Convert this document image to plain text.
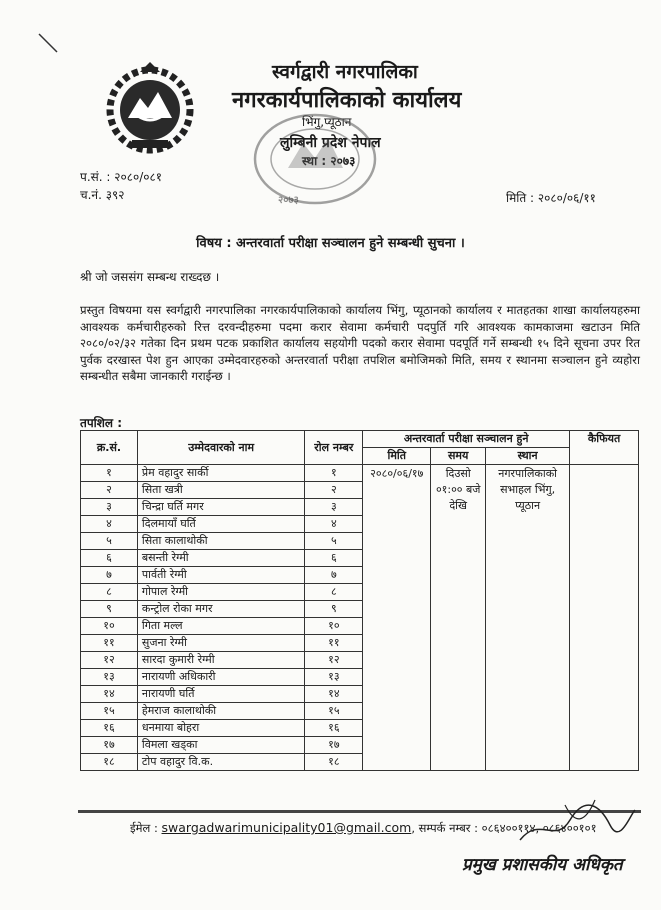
स्वर्गद्वारी नगरपालिका
नगरकार्यपालिकाको कार्यालय
भिंगु,प्यूठान
लुम्बिनी प्रदेश नेपाल
स्था : २०७३
२०७३
प.सं. : २०८०/०८१
च.नं. ३९२	मिति : २०८०/०६/११
विषय : अन्तरवार्ता परीक्षा सञ्चालन हुने सम्बन्धी सुचना ।
श्री जो जससंग सम्बन्ध राख्दछ ।
प्रस्तुत विषयमा यस स्वर्गद्वारी नगरपालिका नगरकार्यपालिकाको कार्यालय भिंगु, प्यूठानको कार्यालय र मातहतका शाखा कार्यालयहरुमा आवश्यक कर्मचारीहरुको रित्त दरवन्दीहरुमा पदमा करार सेवामा कर्मचारी पदपुर्ति गरि आवश्यक कामकाजमा खटाउन मिति २०८०/०२/३२ गतेका दिन प्रथम पटक प्रकाशित कार्यालय सहयोगी पदको करार सेवामा पदपूर्ति गर्ने सम्बन्धी १५ दिने सूचना उपर रित पुर्वक दरखास्त पेश हुन आएका उम्मेदवारहरुको अन्तरवार्ता परीक्षा तपशिल बमोजिमको मिति, समय र स्थानमा सञ्चालन हुने व्यहोरा सम्बन्धीत सबैमा जानकारी गराईन्छ ।
तपशिल :
क्र.सं.	उम्मेदवारको नाम	रोल नम्बर	अन्तरवार्ता परीक्षा सञ्चालन हुने			कैफियत
			मिति	समय	स्थान	
१	प्रेम वहादुर सार्की	१	२०८०/०६/१७	दिउसो ०१:०० बजे देखि	नगरपालिकाको सभाहल भिंगु, प्यूठान	
२	सिता खत्री	२				
३	चिन्द्रा घर्ति मगर	३				
४	दिलमायाँ घर्ति	४				
५	सिता कालाथोकी	५				
६	बसन्ती रेग्मी	६				
७	पार्वती रेग्मी	७				
८	गोपाल रेग्मी	८				
९	कन्ट्रोल रोका मगर	९				
१०	गिता मल्ल	१०				
११	सुजना रेग्मी	११				
१२	सारदा कुमारी रेग्मी	१२				
१३	नारायणी अधिकारी	१३				
१४	नारायणी घर्ति	१४				
१५	हेमराज कालाथोकी	१५				
१६	धनमाया बोहरा	१६				
१७	विमला खड्का	१७				
१८	टोप वहादुर वि.क.	१८				
ईमेल : swargadwarimunicipality01@gmail.com, सम्पर्क नम्बर : ०८६४००११४, ०८६४००१०१
प्रमुख प्रशासकीय अधिकृत
